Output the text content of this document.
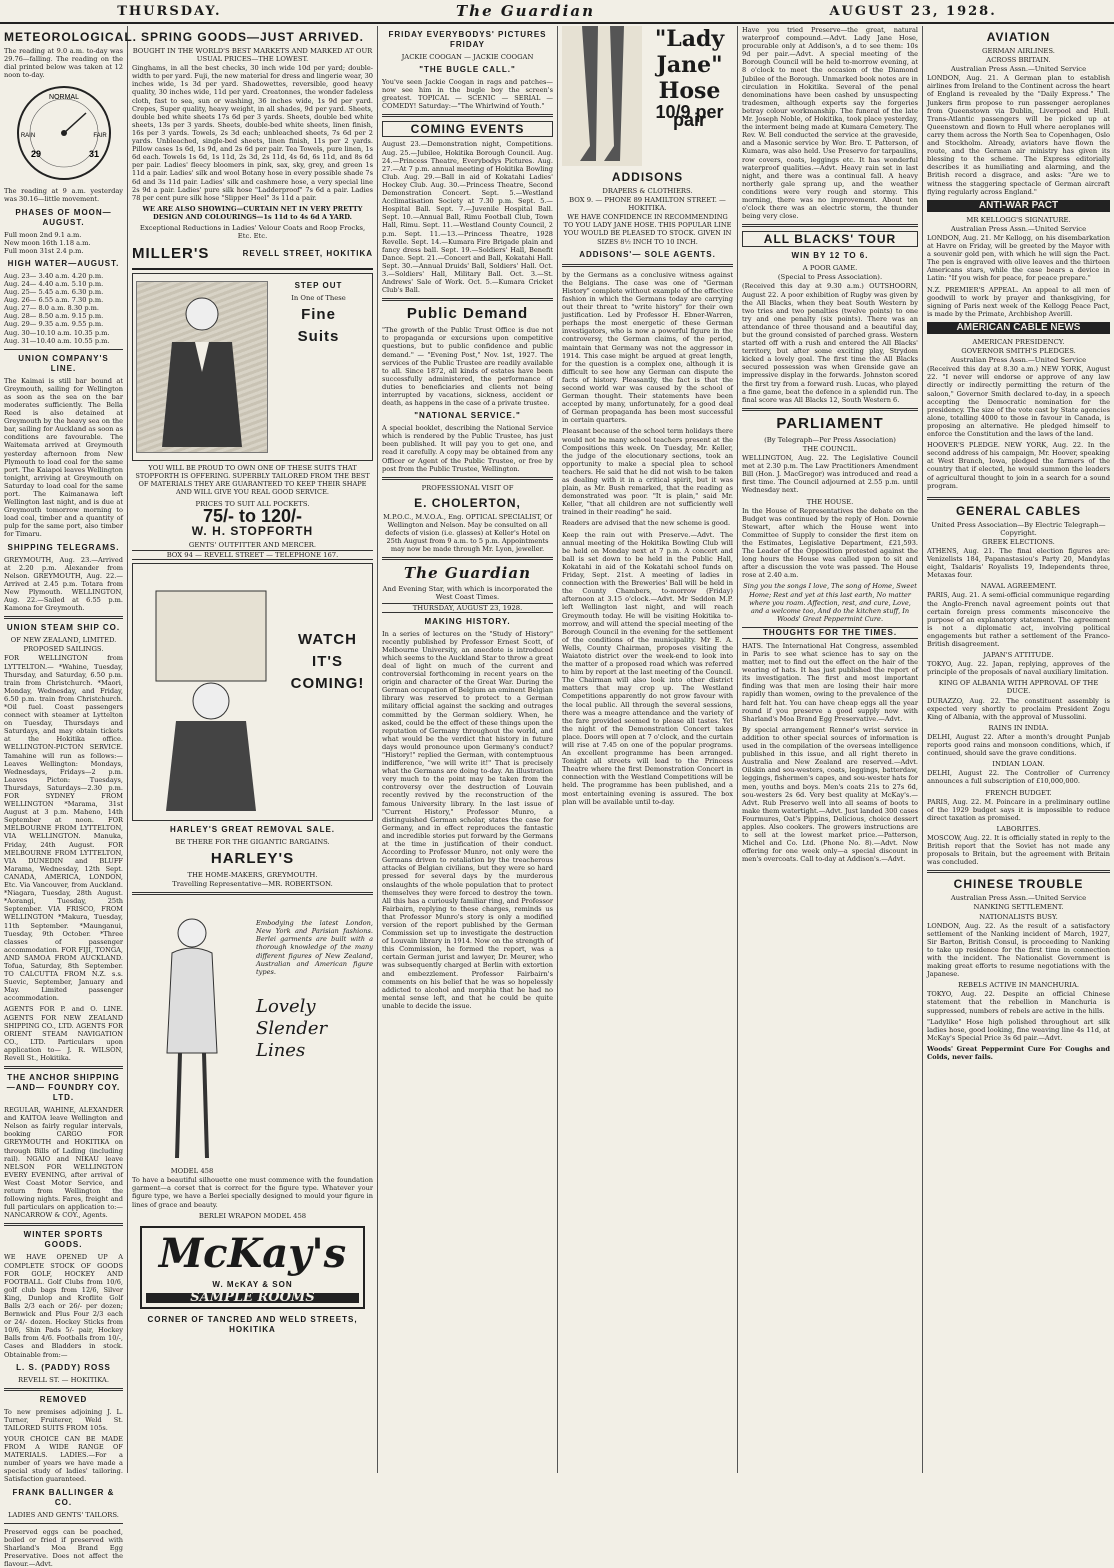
THURSDAY.	The Guardian	AUGUST 23, 1928.
METEOROLOGICAL.

The reading at 9.0 a.m. to-day was 29.76—falling. The reading on the dial printed below was taken at 12 noon to-day.

NORMAL
RAIN	FAIR
29	31

The reading at 9 a.m. yesterday was 30.16—little movement.

PHASES OF MOON—AUGUST.
Full moon 2nd 9.1 a.m.
New moon 16th 1.18 a.m.
Full moon 31st 2.4 p.m.
HIGH WATER—AUGUST.
Aug. 23— 3.40 a.m. 4.20 p.m.
Aug. 24— 4.40 a.m. 5.10 p.m.
Aug. 25— 5.45 a.m. 6.30 p.m.
Aug. 26— 6.55 a.m. 7.30 p.m.
Aug. 27— 8.0 a.m. 8.30 p.m.
Aug. 28— 8.50 a.m. 9.15 p.m.
Aug. 29— 9.35 a.m. 9.55 p.m.
Aug. 30—10.10 a.m. 10.35 p.m.
Aug. 31—10.40 a.m. 10.55 p.m.
UNION COMPANY'S LINE.

The Kaimai is still bar bound at Greymouth, sailing for Wellington as soon as the sea on the bar moderates sufficiently. The Bella Reed is also detained at Greymouth by the heavy sea on the bar, sailing for Auckland as soon as conditions are favourable. The Waitemata arrived at Greymouth yesterday afternoon from New Plymouth to load coal for the same port. The Kaiapoi leaves Wellington tonight, arriving at Greymouth on Saturday to load coal for the same port. The Kaimanawa left Wellington last night, and is due at Greymouth tomorrow morning to load coal, timber and a quantity of pulp for the same port, also timber for Timaru.

SHIPPING TELEGRAMS.

GREYMOUTH, Aug. 23.—Arrived at 2.20 p.m. Alexander from Nelson. GREYMOUTH, Aug. 22.—Arrived at 2.45 p.m. Totara from New Plymouth. WELLINGTON, Aug. 22.—Sailed at 6.55 p.m. Kamona for Greymouth.

UNION STEAM SHIP CO.
OF NEW ZEALAND, LIMITED.
PROPOSED SAILINGS.

FOR WELLINGTON from LYTTELTON.— *Wahine, Tuesday, Thursday, and Saturday, 6.50 p.m. train from Christchurch. *Maori, Monday, Wednesday, and Friday, 6.50 p.m. train from Christchurch. *Oil fuel. Coast passengers connect with steamer at Lyttelton on Tuesday, Thursdays and Saturdays, and may obtain tickets at the Hokitika office. WELLINGTON-PICTON SERVICE. Tamahine will run as follows:— Leaves Wellington: Mondays, Wednesdays, Fridays—2 p.m. Leaves Picton: Tuesdays, Thursdays, Saturdays—2.30 p.m. FOR SYDNEY FROM WELLINGTON *Marama, 31st August at 3 p.m. Maheno, 14th September at noon. FOR MELBOURNE FROM LYTTELTON, VIA WELLINGTON. Manuka, Friday, 24th August. FOR MELBOURNE FROM LYTTELTON, VIA DUNEDIN and BLUFF Marama, Wednesday, 12th Sept. CANADA, AMERICA, LONDON, Etc. Via Vancouver, from Auckland. *Niagara, Tuesday, 28th August. *Aorangi, Tuesday, 25th September. VIA FRISCO, FROM WELLINGTON *Makura, Tuesday, 11th September. *Maunganui, Tuesday, 9th October. *Three classes of passenger accommodation. FOR FIJI, TONGA, AND SAMOA FROM AUCKLAND. Tofua, Saturday, 8th September. TO CALCUTTA FROM N.Z. s.s. Suevic, September, January and May. Limited passenger accommodation.

AGENTS FOR P. and O. LINE. AGENTS FOR NEW ZEALAND SHIPPING CO., LTD. AGENTS FOR ORIENT STEAM NAVIGATION CO., LTD. Particulars upon application to— J. R. WILSON, Revell St., Hokitika.

THE ANCHOR SHIPPING —AND— FOUNDRY COY. LTD.

REGULAR, WAHINE, ALEXANDER and KAITOA leave Wellington and Nelson as fairly regular intervals, booking CARGO FOR GREYMOUTH and HOKITIKA on through Bills of Lading (including rail). NGAIO and NIKAU leave NELSON FOR WELLINGTON EVERY EVENING, after arrival of West Coast Motor Service, and return from Wellington the following nights. Fares, freight and full particulars on application to:— NANCARROW & COY., Agents.

WINTER SPORTS GOODS.

WE HAVE OPENED UP A COMPLETE STOCK OF GOODS FOR GOLF, HOCKEY AND FOOTBALL. Golf Clubs from 10/6, golf club bags from 12/6, Silver King, Dunlop and Kroflite Golf Balls 2/3 each or 26/- per dozen; Bernwick and Plus Four 2/3 each or 24/- dozen. Hockey Sticks from 10/6, Shin Pads 5/- pair, Hockey Balls from 4/6. Footballs from 10/-, Cases and Bladders in stock. Obtainable from:—

L. S. (PADDY) ROSS
REVELL ST. — HOKITIKA.
REMOVED

To new premises adjoining J. L. Turner, Fruiterer, Weld St. TAILORED SUITS FROM 105s.

YOUR CHOICE CAN BE MADE FROM A WIDE RANGE OF MATERIALS. LADIES.—For a number of years we have made a special study of ladies' tailoring. Satisfaction guaranteed.

FRANK BALLINGER & CO.
LADIES AND GENTS' TAILORS.

Preserved eggs can be poached, boiled or fried if preserved with Sharland's Moa Brand Egg Preservative. Does not affect the flavour.—Advt.

SPRING GOODS—JUST ARRIVED.
BOUGHT IN THE WORLD'S BEST MARKETS AND MARKED AT OUR USUAL PRICES—THE LOWEST.

Ginghams, in all the best checks, 30 inch wide 10d per yard; double-width to per yard. Fuji, the new material for dress and lingerie wear, 30 inches wide, 1s 3d per yard. Shadowettes, reversible, good heavy quality, 30 inches wide, 11d per yard. Creatonnes, the wonder fadeless cloth, fast to sea, sun or washing, 36 inches wide, 1s 9d per yard. Crepes, Super quality, heavy weight, in all shades, 9d per yard. Sheets, double bed white sheets 17s 6d per 3 yards. Sheets, double bed white sheets, 13s per 3 yards. Sheets, double-bed white sheets, linen finish, 16s per 3 yards. Towels, 2s 3d each; unbleached sheets, 7s 6d per 2 yards. Unbleached, single-bed sheets, linen finish, 11s per 2 yards. Pillow cases 1s 6d, 1s 9d, and 2s 6d per pair. Tea Towels, pure linen, 1s 6d each. Towels 1s 6d, 1s 11d, 2s 3d, 2s 11d, 4s 6d, 6s 11d, and 8s 6d per pair. Ladies' fleecy bloomers in pink, sax, sky, grey, and green 1s 11d a pair. Ladies' silk and wool Botany hose in every possible shade 7s 6d and 3s 11d pair. Ladies' silk and cashmere hose, a very special line 2s 9d a pair. Ladies' pure silk hose "Ladderproof" 7s 6d a pair. Ladies 78 per cent pure silk hose "Slipper Heel" 3s 11d a pair.

WE ARE ALSO SHOWING—CURTAIN NET IN VERY PRETTY DESIGN AND COLOURINGS—1s 11d to 4s 6d A YARD.

Exceptional Reductions in Ladies' Velour Coats and Roop Frocks, Etc. Etc.
MILLER'S	REVELL STREET, HOKITIKA
STEP OUT
In One of These
Fine
Suits

YOU WILL BE PROUD TO OWN ONE OF THESE SUITS THAT STOPFORTH IS OFFERING. SUPERBLY TAILORED FROM THE BEST OF MATERIALS THEY ARE GUARANTEED TO KEEP THEIR SHAPE AND WILL GIVE YOU REAL GOOD SERVICE.

PRICES TO SUIT ALL POCKETS.
75/- to 120/-
W. H. STOPFORTH
GENTS' OUTFITTER AND MERCER.
BOX 94 — REVELL STREET — TELEPHONE 167.
WATCH
IT'S
COMING!
HARLEY'S GREAT REMOVAL SALE.
BE THERE FOR THE GIGANTIC BARGAINS.
HARLEY'S
THE HOME-MAKERS, GREYMOUTH.
Travelling Representative—MR. ROBERTSON.
MODEL 458

Embodying the latest London, New York and Parisian fashions. Berlei garments are built with a thorough knowledge of the many different figures of New Zealand, Australian and American figure types.

Lovely
Slender
Lines

To have a beautiful silhouette one must commence with the foundation garment—a corset that is correct for the figure type. Whatever your figure type, we have a Berlei specially designed to mould your figure in lines of grace and beauty.

BERLEI WRAPON MODEL 458
McKay's
W. McKAY & SON
SAMPLE ROOMS
CORNER OF TANCRED AND WELD STREETS, HOKITIKA
FRIDAY EVERYBODYS' PICTURES FRIDAY
JACKIE COOGAN — JACKIE COOGAN
"THE BUGLE CALL."

You've seen Jackie Coogan in rags and patches—now see him in the bugle boy the screen's greatest. TOPICAL — SCENIC — SERIAL — COMEDY! Saturday:—"The Whirlwind of Youth."

COMING EVENTS

August 23.—Demonstration night, Competitions. Aug. 25.—Jubilee, Hokitika Borough Council. Aug. 24.—Princess Theatre, Everybodys Pictures. Aug. 27.—At 7 p.m. annual meeting of Hokitika Bowling Club. Aug. 29.—Ball in aid of Kokatahi Ladies' Hockey Club. Aug. 30.—Princess Theatre, Second Demonstration Concert. Sept. 5.—Westland Acclimatisation Society at 7.30 p.m. Sept. 5.—Hospital Ball. Sept. 7.—Juvenile Hospital Ball. Sept. 10.—Annual Ball, Rimu Football Club, Town Hall, Rimu. Sept. 11.—Westland County Council, 2 p.m. Sept. 11.—13.—Princess Theatre, 1928 Revelle. Sept. 14.—Kumara Fire Brigade plain and fancy dress ball. Sept. 19.—Soldiers' Hall, Benefit Dance. Sept. 21.—Concert and Ball, Kokatahi Hall. Sept. 30.—Annual Druids' Ball, Soldiers' Hall. Oct. 3.—Soldiers' Hall, Military Ball. Oct. 3.—St. Andrews' Sale of Work. Oct. 5.—Kumara Cricket Club's Ball.

Public Demand

"The growth of the Public Trust Office is due not to propaganda or excursions upon competitive questions, but to public confidence and public demand." — "Evening Post," Nov. 1st, 1927. The services of the Public Trustee are readily available to all. Since 1872, all kinds of estates have been successfully administered, the performance of duties to beneficiaries and clients not being interrupted by vacations, sickness, accident or death, as happens in the case of a private trustee.

"NATIONAL SERVICE."

A special booklet, describing the National Service which is rendered by the Public Trustee, has just been published. It will pay you to get one, and read it carefully. A copy may be obtained from any Officer or Agent of the Public Trustee, or free by post from the Public Trustee, Wellington.

PROFESSIONAL VISIT OF
E. CHOLERTON,

M.P.O.C., M.V.O.A., Eng. OPTICAL SPECIALIST, Of Wellington and Nelson. May be consulted on all defects of vision (i.e. glasses) at Keller's Hotel on 25th August from 9 a.m. to 5 p.m. Appointments may now be made through Mr. Lyon, jeweller.

The Guardian
And Evening Star, with which is incorporated the West Coast Times.
THURSDAY, AUGUST 23, 1928.
MAKING HISTORY.

In a series of lectures on the "Study of History" recently published by Professor Ernest Scott, of Melbourne University, an anecdote is introduced which seems to the Auckland Star to throw a great deal of light on much of the current and controversial forthcoming in recent years on the origin and character of the Great War. During the German occupation of Belgium an eminent Belgian library was reserved to protect to a German military official against the sacking and outrages committed by the German soldiery. When, he asked, could be the effect of these things upon the reputation of Germany throughout the world, and what would be the verdict that history in future days would pronounce upon Germany's conduct? "History!" replied the German, with contemptuous indifference, "we will write it!" That is precisely what the Germans are doing to-day. An illustration very much to the point may be taken from the controversy over the destruction of Louvain recently revived by the reconstruction of the famous University library. In the last issue of "Current History," Professor Munro, a distinguished German scholar, states the case for Germany, and in effect reproduces the fantastic and incredible stories put forward by the Germans at the time in justification of their conduct. According to Professor Munro, not only were the Germans driven to retaliation by the treacherous attacks of Belgian civilians, but they were so hard pressed for several days by the murderous onslaughts of the whole population that to protect themselves they were forced to destroy the town. All this has a curiously familiar ring, and Professor Fairbairn, replying to these charges, reminds us that Professor Munro's story is only a modified version of the report published by the German Commission set up to investigate the destruction of Louvain library in 1914. Now on the strength of this Commission, he formed the report, was a certain German jurist and lawyer, Dr. Meurer, who was subsequently charged at Berlin with extortion and embezzlement. Professor Fairbairn's comments on his belief that he was so hopelessly addicted to alcohol and morphia that he had no mental sense left, and that he could be quite unable to decide the issue.

"Lady Jane" Hose
10/9 per pair
ADDISONS
DRAPERS & CLOTHIERS.
BOX 9. — PHONE 89 HAMILTON STREET. — HOKITIKA.

WE HAVE CONFIDENCE IN RECOMMENDING TO YOU LADY JANE HOSE. THIS POPULAR LINE YOU WOULD BE PLEASED TO STOCK. GIVEN IN SIZES 8½ INCH TO 10 INCH.

ADDISONS'— SOLE AGENTS.

by the Germans as a conclusive witness against the Belgians. The case was one of "German History" complete without example of the effective fashion in which the Germans today are carrying out their threat to "write history" for their own justification. Led by Professor H. Ebner-Warren, perhaps the most energetic of these German investigators, who is now a powerful figure in the controversy, the German claims, of the period, maintain that Germany was not the aggressor in 1914. This case might be argued at great length, for the question is a complex one, although it is difficult to see how any German can dispute the facts of history. Pleasantly, the fact is that the second world war was caused by the school of German thought. Their statements have been accepted by many, unfortunately, for a good deal of German propaganda has been most successful in certain quarters.

Pleasant because of the school term holidays there would not be many school teachers present at the Compositions this week. On Tuesday, Mr. Keller, the judge of the elocutionary sections, took an opportunity to make a special plea to school teachers. He said that he did not wish to be taken as dealing with it in a critical spirit, but it was plain, as Mr. Bush remarked, that the reading as demonstrated was poor. "It is plain," said Mr. Keller, "that all children are not sufficiently well trained in their reading" he said.

Readers are advised that the new scheme is good.

Keep the rain out with Preserve.—Advt. The annual meeting of the Hokitika Bowling Club will be held on Monday next at 7 p.m. A concert and ball is set down to be held in the Public Hall, Kokatahi in aid of the Kokatahi school funds on Friday, Sept. 21st. A meeting of ladies in connection with the Breweries' Ball will be held in the County Chambers, to-morrow (Friday) afternoon at 3.15 o'clock.—Advt. Mr Seddon M.P. left Wellington last night, and will reach Greymouth today. He will be visiting Hokitika to-morrow, and will attend the special meeting of the Borough Council in the evening for the settlement of the conditions of the municipality. Mr E. A. Wells, County Chairman, proposes visiting the Waiatoto district over the week-end to look into the matter of a proposed road which was referred to him by report at the last meeting of the Council. The Chairman will also look into other district matters that may crop up. The Westland Competitions apparently do not grow favour with the local public. All through the several sessions, there was a meagre attendance and the variety of the fare provided seemed to please all tastes. Yet the night of the Demonstration Concert takes place. Doors will open at 7 o'clock, and the curtain will rise at 7.45 on one of the popular programs. An excellent programme has been arranged. Tonight all streets will lead to the Princess Theatre where the first Demonstration Concert in connection with the Westland Competitions will be held. The programme has been published, and a most entertaining evening is assured. The box plan will be available until to-day.

Have you tried Preserve—the great, natural waterproof compound.—Advt. Lady Jane Hose, procurable only at Addison's, a d to see them: 10s 9d per pair.—Advt. A special meeting of the Borough Council will be held to-morrow evening, at 8 o'clock to meet the occasion of the Diamond Jubilee of the Borough. Unmarked book notes are in circulation in Hokitika. Several of the penal denominations have been cashed by unsuspecting tradesmen, although experts say the forgeries betray colour workmanship. The funeral of the late Mr. Joseph Noble, of Hokitika, took place yesterday, the interment being made at Kumara Cemetery. The Rev. W. Bell conducted the service at the graveside, and a Masonic service by Wor. Bro. T. Patterson, of Kumara, was also held. Use Preservo for tarpaulins, row covers, coats, leggings etc. It has wonderful waterproof qualities.—Advt. Heavy rain set in last night, and there was a continual fall. A heavy northerly gale sprang up, and the weather conditions were very rough and stormy. This morning, there was no improvement. About ten o'clock there was an electric storm, the thunder being very close.

ALL BLACKS' TOUR
WIN BY 12 TO 6.
A POOR GAME.
(Special to Press Association).

(Received this day at 9.30 a.m.) OUTSHOORN, August 22. A poor exhibition of Rugby was given by the All Blacks, when they beat South Western by two tries and two penalties (twelve points) to one try and one penalty (six points). There was an attendance of three thousand and a beautiful day, but the ground consisted of parched grass. Western started off with a rush and entered the All Blacks' territory, but after some exciting play, Strydom kicked a lovely goal. The first time the All Blacks secured possession was when Grenside gave an impressive display in the forwards. Johnston scored the first try from a forward rush. Lucas, who played a fine game, beat the defence in a splendid run. The final score was All Blacks 12, South Western 6.

PARLIAMENT
(By Telegraph—Per Press Association)
THE COUNCIL.

WELLINGTON, Aug. 22. The Legislative Council met at 2.30 p.m. The Law Practitioners Amendment Bill (Hon. J. MacGregor) was introduced and read a first time. The Council adjourned at 2.55 p.m. until Wednesday next.

THE HOUSE.

In the House of Representatives the debate on the Budget was continued by the reply of Hon. Downie Stewart, after which the House went into Committee of Supply to consider the first item on the Estimates, Legislative Department, £21,593. The Leader of the Opposition protested against the long hours the House was called upon to sit and after a discussion the vote was passed. The House rose at 2.40 a.m.

Sing you the songs I love, The song of Home, Sweet Home; Rest and yet at this last earth, No matter where you roam. Affection, rest, and cure, Love, and a welcome too, And do the kitchen stuff, In Woods' Great Peppermint Cure.

THOUGHTS FOR THE TIMES.

HATS. The International Hat Congress, assembled in Paris to see what science has to say on the matter, met to find out the effect on the hair of the wearing of hats. It has just published the report of its investigation. The first and most important finding was that men are losing their hair more rapidly than women, owing to the prevalence of the hard felt hat. You can have cheap eggs all the year round if you preserve a good supply now with Sharland's Moa Brand Egg Preservative.—Advt.

By special arrangement Renner's wrist service in addition to other special sources of information is used in the compilation of the overseas intelligence published in this issue, and all right thereto in Australia and New Zealand are reserved.—Advt. Oilskin and sou-westers, coats, leggings, batterdaw, leggings, fishermen's capes, and sou-wester hats for men, youths and boys. Men's coats 21s to 27s 6d, sou-westers 2s 6d. Very best quality at McKay's.—Advt. Rub Preservo well into all seams of boots to make them watertight.—Advt. Just landed 300 cases Fourmures, Oat's Pippins, Delicious, choice dessert apples. Also cookers. The growers instructions are to sell at the lowest market price.—Patterson, Michel and Co. Ltd. (Phone No. 8).—Advt. Now offering for one week only—a special discount in men's overcoats. Call to-day at Addison's.—Advt.

AVIATION
GERMAN AIRLINES.
ACROSS BRITAIN.
Australian Press Assn.—United Service

LONDON, Aug. 21. A German plan to establish airlines from Ireland to the Continent across the heart of England is revealed by the "Daily Express." The Junkers firm propose to run passenger aeroplanes from Queenstown via Dublin, Liverpool and Hull. Trans-Atlantic passengers will be picked up at Queenstown and flown to Hull where aeroplanes will carry them across the North Sea to Copenhagen, Oslo and Stockholm. Already, aviators have flown the route, and the German air ministry has given its blessing to the scheme. The Express editorially describes it as humiliating and alarming, and the British record a disgrace, and asks: "Are we to witness the staggering spectacle of German aircraft flying regularly across England."

ANTI-WAR PACT
MR KELLOGG'S SIGNATURE.
Australian Press Assn.—United Service

LONDON, Aug. 21. Mr Kellogg, on his disembarkation at Havre on Friday, will be greeted by the Mayor with a souvenir gold pen, with which he will sign the Pact. The pen is engraved with olive leaves and the thirteen Americans stars, while the case bears a device in Latin: "If you wish for peace, for peace prepare."

N.Z. PREMIER'S APPEAL. An appeal to all men of goodwill to work by prayer and thanksgiving, for signing of Paris next week of the Kellogg Peace Pact, is made by the Primate, Archbishop Averill.

AMERICAN CABLE NEWS
AMERICAN PRESIDENCY.
GOVERNOR SMITH'S PLEDGES.
Australian Press Assn.—United Service

(Received this day at 8.30 a.m.) NEW YORK, August 22. "I never will endorse or approve of any law directly or indirectly permitting the return of the saloon," Governor Smith declared to-day, in a speech accepting the Democratic nomination for the presidency. The size of the vote cast by State agencies alone, totalling 4000 to those in favour in Canada, is proposing an alternative. He pledged himself to enforce the Constitution and the laws of the land.

HOOVER'S PLEDGE. NEW YORK, Aug. 22. In the second address of his campaign, Mr. Hoover, speaking at West Branch, Iowa, pledged the farmers of the country that if elected, he would summon the leaders of agricultural thought to join in a search for a sound program.

GENERAL CABLES
United Press Association—By Electric Telegraph—Copyright.
GREEK ELECTIONS.

ATHENS, Aug. 21. The final election figures are: Venizelists 184, Papanastasiou's Party 20, Mandylas eight, Tsaldaris' Royalists 19, Independents three, Metaxas four.

NAVAL AGREEMENT.

PARIS, Aug. 21. A semi-official communique regarding the Anglo-French naval agreement points out that certain foreign press comments misconceive the purpose of an explanatory statement. The agreement is not a diplomatic act, involving political engagements but rather a settlement of the Franco-British disagreement.

JAPAN'S ATTITUDE.

TOKYO, Aug. 22. Japan, replying, approves of the principle of the proposals of naval auxiliary limitation.

KING OF ALBANIA WITH APPROVAL OF THE DUCE.

DURAZZO, Aug. 22. The constituent assembly is expected very shortly to proclaim President Zogu King of Albania, with the approval of Mussolini.

RAINS IN INDIA.

DELHI, August 22. After a month's drought Punjab reports good rains and monsoon conditions, which, if continued, should save the grave conditions.

INDIAN LOAN.

DELHI, August 22. The Controller of Currency announces a full subscription of £10,000,000.

FRENCH BUDGET.

PARIS, Aug. 22. M. Poincare in a preliminary outline of the 1929 budget says it is impossible to reduce direct taxation as promised.

LABORITES.

MOSCOW, Aug. 22. It is officially stated in reply to the British report that the Soviet has not made any proposals to Britain, but the agreement with Britain was concluded.

CHINESE TROUBLE
Australian Press Assn.—United Service
NANKING SETTLEMENT.
NATIONALISTS BUSY.

LONDON, Aug. 22. As the result of a satisfactory settlement of the Nanking incident of March, 1927, Sir Barton, British Consul, is proceeding to Nanking to take up residence for the first time in connection with the incident. The Nationalist Government is making great efforts to resume negotiations with the Japanese.

REBELS ACTIVE IN MANCHURIA.

TOKYO, Aug. 22. Despite an official Chinese statement that the rebellion in Manchuria is suppressed, numbers of rebels are active in the hills.

"Ladylike" Hose high polished throughout art silk ladies hose, good looking, fine weaving line 4s 11d, at McKay's Special Price 3s 6d pair.—Advt.

Woods' Great Peppermint Cure For Coughs and Colds, never fails.
